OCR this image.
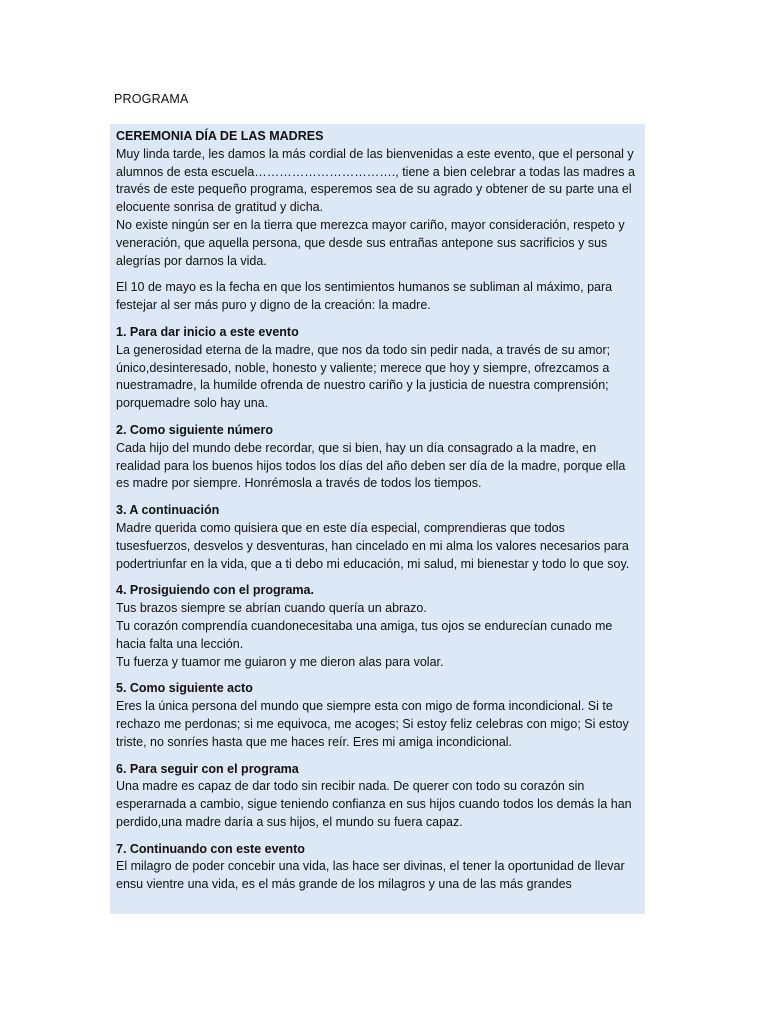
PROGRAMA

CEREMONIA DÍA DE LAS MADRES

Muy linda tarde, les damos la más cordial de las bienvenidas a este evento, que el personal y alumnos de esta escuela……………………………., tiene a bien celebrar a todas las madres a través de este pequeño programa, esperemos sea de su agrado y obtener de su parte una el elocuente sonrisa de gratitud y dicha.

No existe ningún ser en la tierra que merezca mayor cariño, mayor consideración, respeto y veneración, que aquella persona, que desde sus entrañas antepone sus sacrificios y sus alegrías por darnos la vida.

El 10 de mayo es la fecha en que los sentimientos humanos se subliman al máximo, para festejar al ser más puro y digno de la creación: la madre.

1. Para dar inicio a este evento

La generosidad eterna de la madre, que nos da todo sin pedir nada, a través de su amor; único,desinteresado, noble, honesto y valiente; merece que hoy y siempre, ofrezcamos a nuestramadre, la humilde ofrenda de nuestro cariño y la justicia de nuestra comprensión; porquemadre solo hay una.

2. Como siguiente número

Cada hijo del mundo debe recordar, que si bien, hay un día consagrado a la madre, en realidad para los buenos hijos todos los días del año deben ser día de la madre, porque ella es madre por siempre. Honrémosla a través de todos los tiempos.

3. A continuación

Madre querida como quisiera que en este día especial, comprendieras que todos tusesfuerzos, desvelos y desventuras, han cincelado en mi alma los valores necesarios para podertriunfar en la vida, que a ti debo mi educación, mi salud, mi bienestar y todo lo que soy.

4. Prosiguiendo con el programa.

Tus brazos siempre se abrían cuando quería un abrazo.

Tu corazón comprendía cuandonecesitaba una amiga, tus ojos se endurecían cunado me hacia falta una lección.

Tu fuerza y tuamor me guiaron y me dieron alas para volar.

5. Como siguiente acto

Eres la única persona del mundo que siempre esta con migo de forma incondicional. Si te rechazo me perdonas; si me equivoca, me acoges; Si estoy feliz celebras con migo; Si estoy triste, no sonríes hasta que me haces reír. Eres mi amiga incondicional.

6. Para seguir con el programa

Una madre es capaz de dar todo sin recibir nada. De querer con todo su corazón sin esperarnada a cambio, sigue teniendo confianza en sus hijos cuando todos los demás la han perdido,una madre daría a sus hijos, el mundo su fuera capaz.

7. Continuando con este evento

El milagro de poder concebir una vida, las hace ser divinas, el tener la oportunidad de llevar ensu vientre una vida, es el más grande de los milagros y una de las más grandes
